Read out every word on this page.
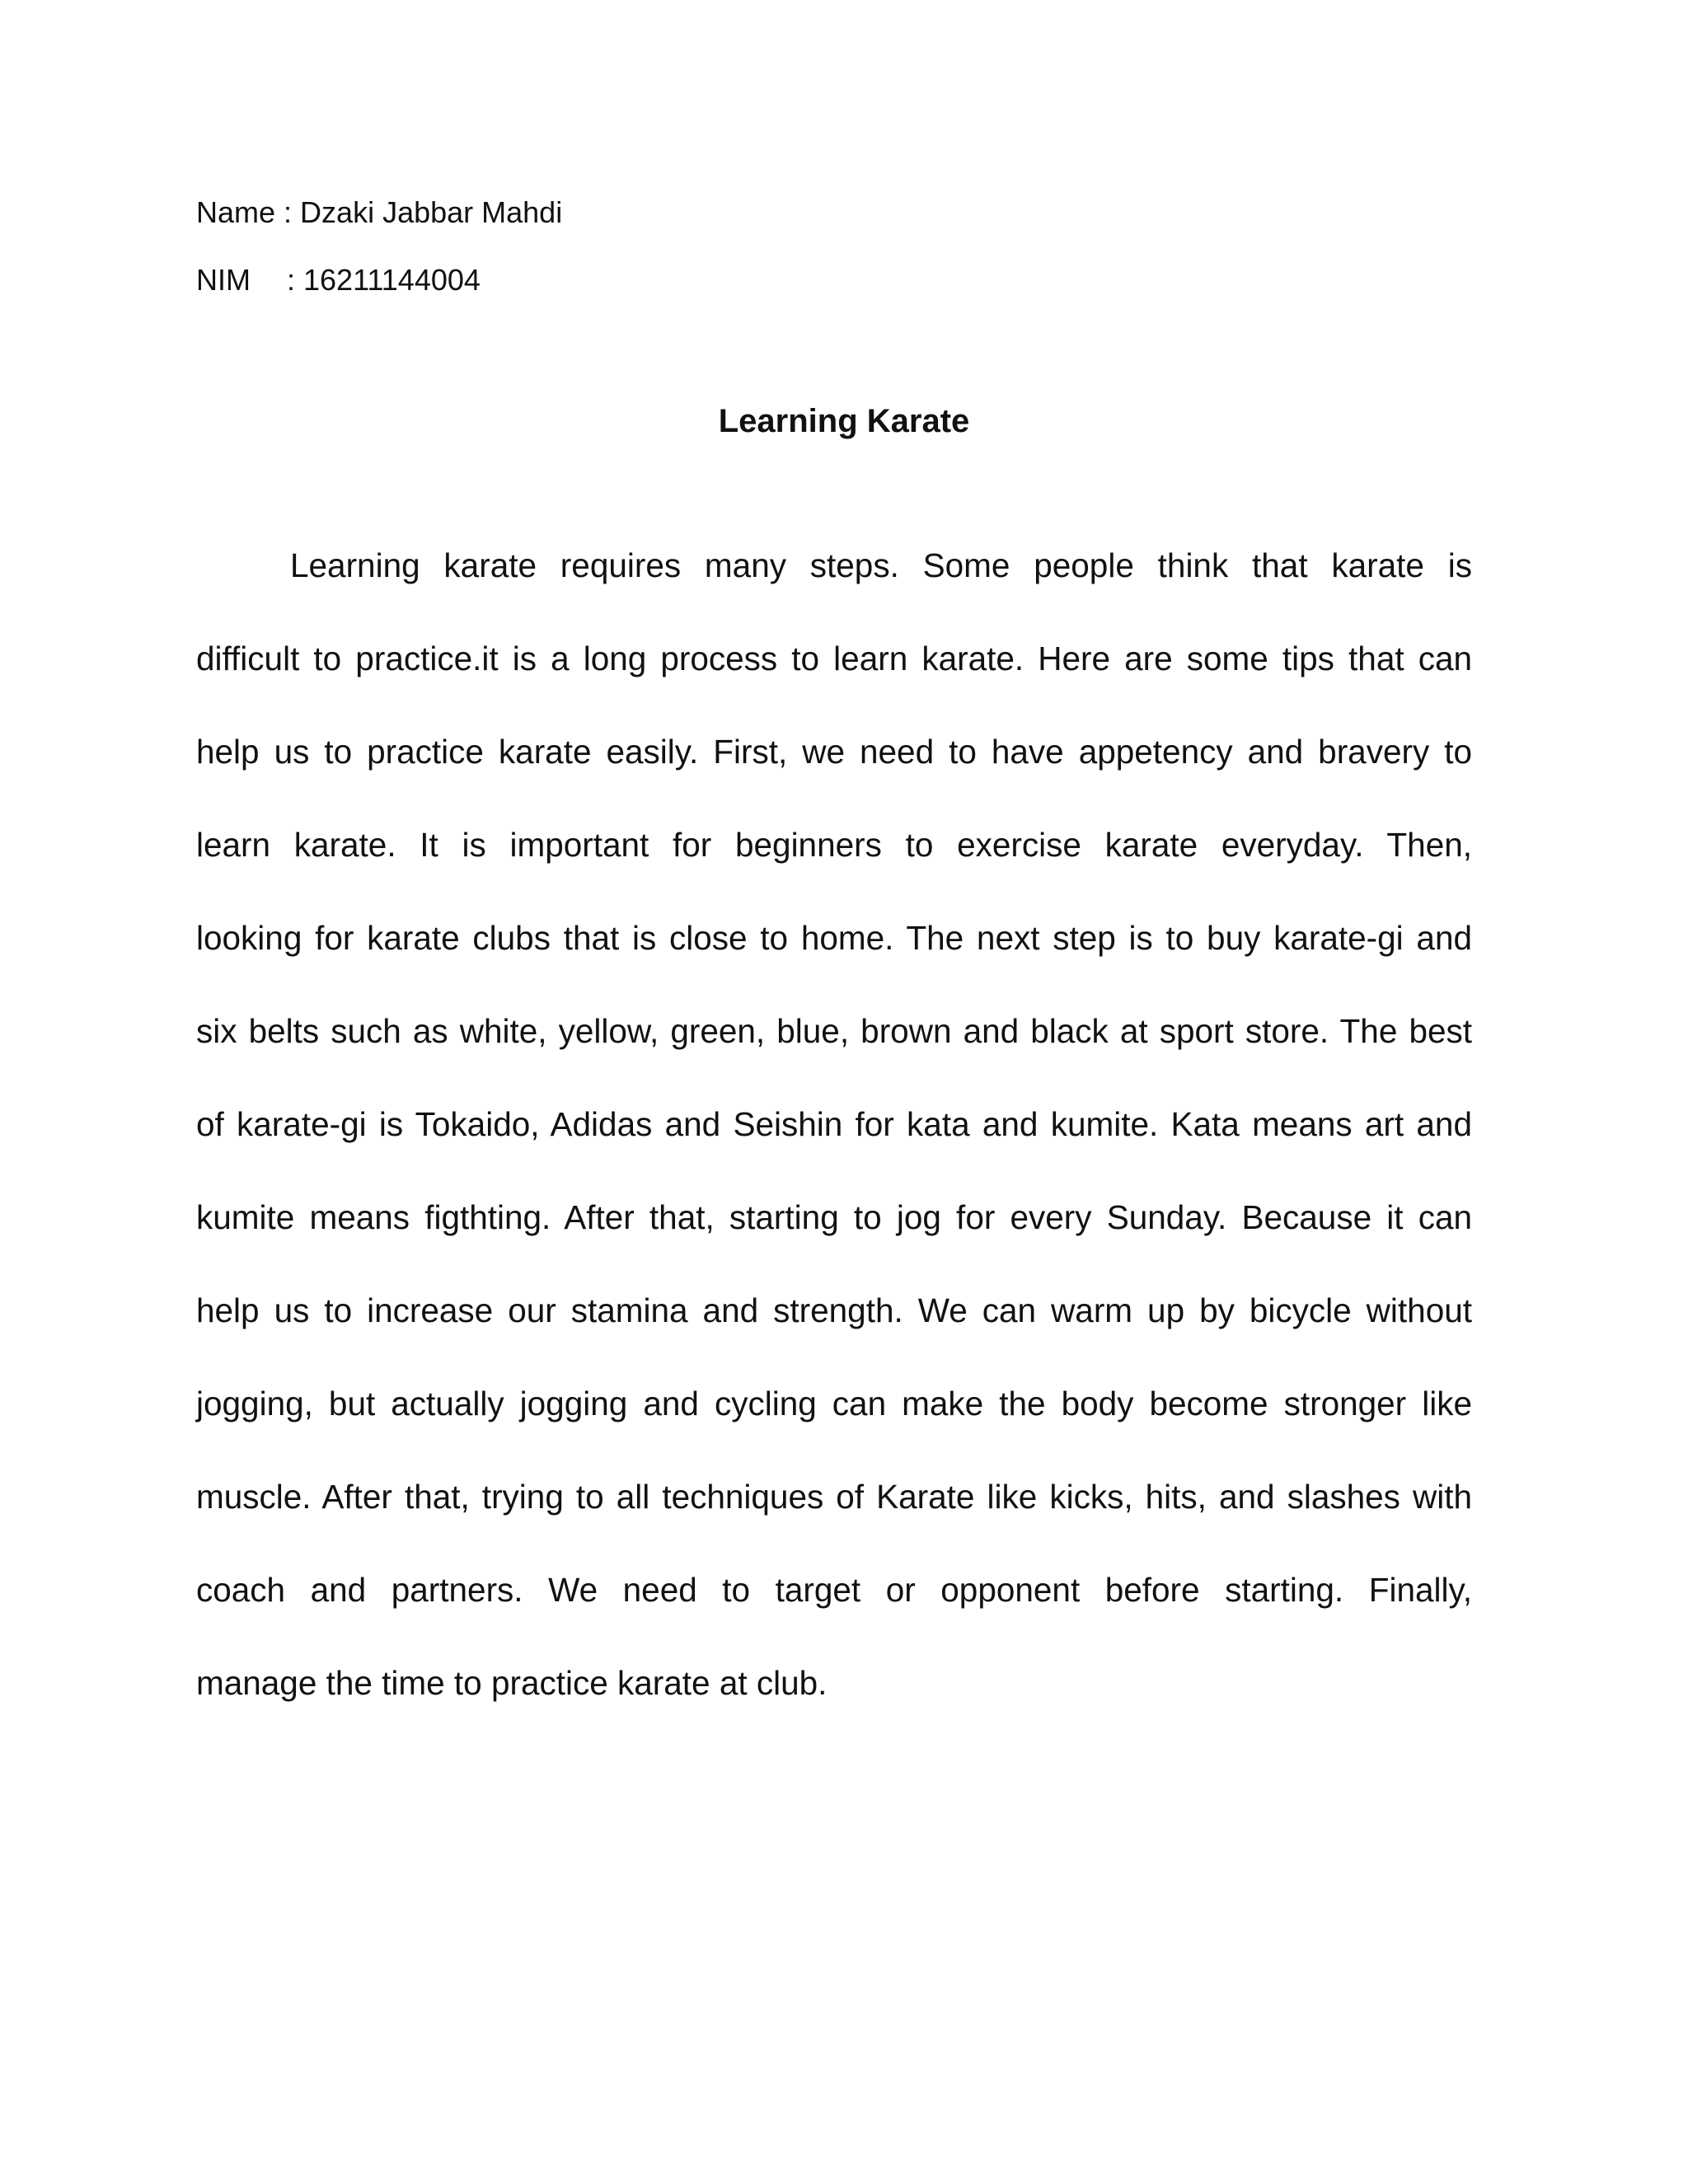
Name : Dzaki Jabbar Mahdi
NIM : 16211144004
Learning Karate
Learning karate requires many steps. Some people think that karate is
difficult to practice.it is a long process to learn karate. Here are some tips that can
help us to practice karate easily. First, we need to have appetency and bravery to
learn karate. It is important for beginners to exercise karate everyday. Then,
looking for karate clubs that is close to home. The next step is to buy karate-gi and
six belts such as white, yellow, green, blue, brown and black at sport store. The best
of karate-gi is Tokaido, Adidas and Seishin for kata and kumite. Kata means art and
kumite means figthting. After that, starting to jog for every Sunday. Because it can
help us to increase our stamina and strength. We can warm up by bicycle without
jogging, but actually jogging and cycling can make the body become stronger like
muscle. After that, trying to all techniques of Karate like kicks, hits, and slashes with
coach and partners. We need to target or opponent before starting. Finally,
manage the time to practice karate at club.
